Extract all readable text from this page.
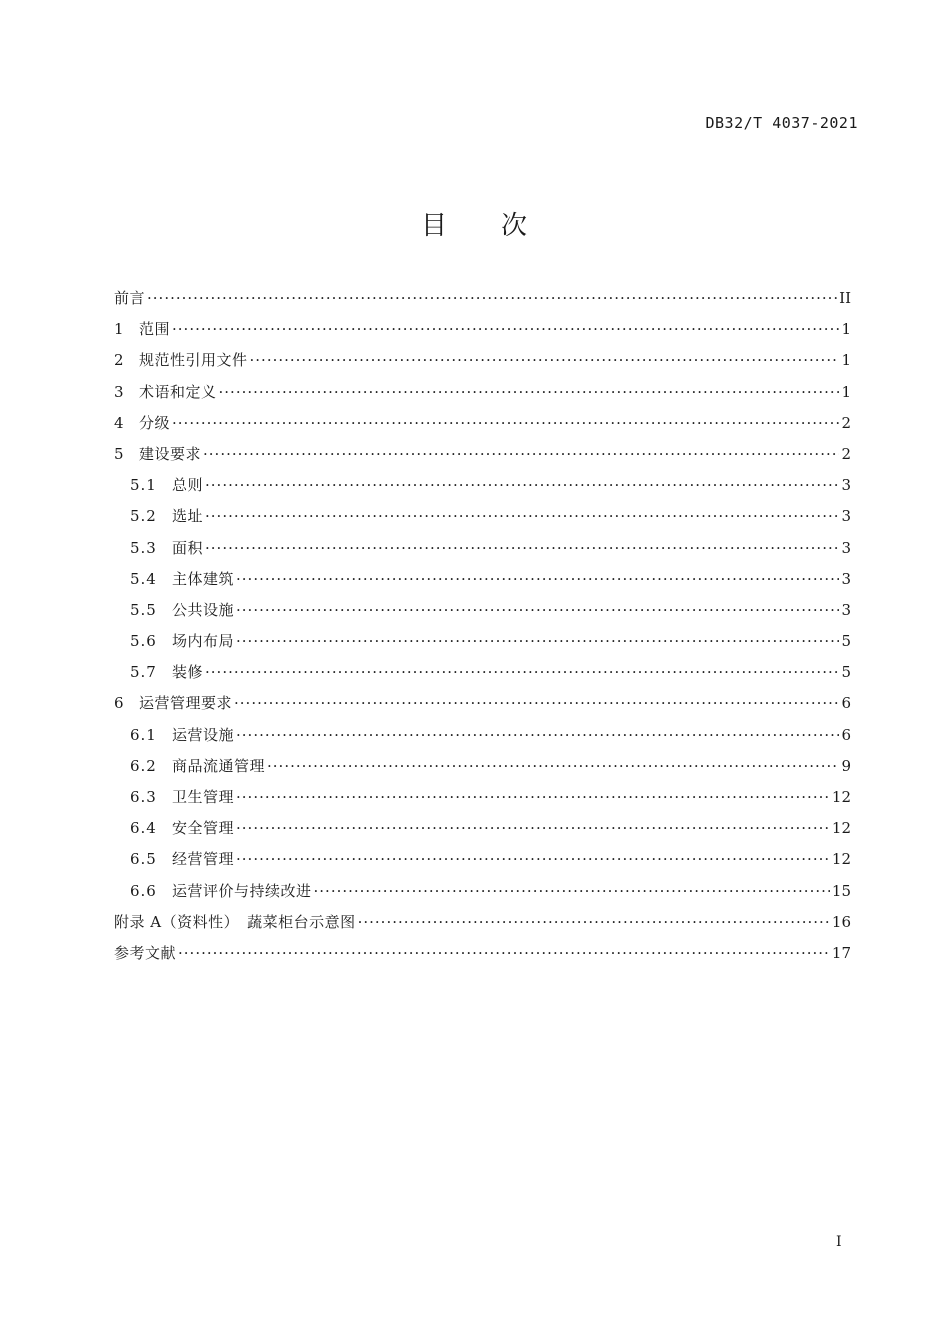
DB32/T 4037-2021
目 次
前言 ·····	II
1	范围 ·····	1
2	规范性引用文件 ·····	1
3	术语和定义 ·····	1
4	分级 ·····	2
5	建设要求 ·····	2
5.1	总则 ·····	3
5.2	选址 ·····	3
5.3	面积 ·····	3
5.4	主体建筑 ·····	3
5.5	公共设施 ·····	3
5.6	场内布局 ·····	5
5.7	装修 ·····	5
6	运营管理要求 ·····	6
6.1	运营设施 ·····	6
6.2	商品流通管理 ·····	9
6.3	卫生管理 ·····	12
6.4	安全管理 ·····	12
6.5	经营管理 ·····	12
6.6	运营评价与持续改进 ·····	15
附录 A（资料性）　蔬菜柜台示意图 ·····	16
参考文献 ·····	17
I
